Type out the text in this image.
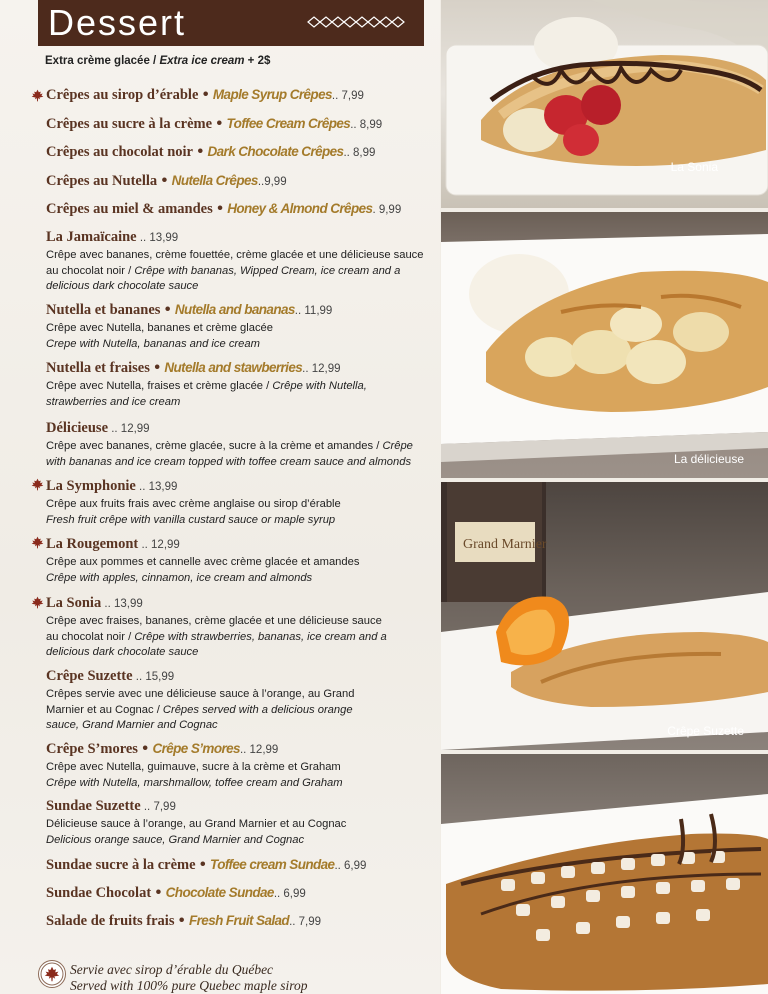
Dessert
Extra crème glacée / Extra ice cream + 2$
Crêpes au sirop d’érable • Maple Syrup Crêpes.. 7,99
Crêpes au sucre à la crème • Toffee Cream Crêpes.. 8,99
Crêpes au chocolat noir • Dark Chocolate Crêpes.. 8,99
Crêpes au Nutella • Nutella Crêpes..9,99
Crêpes au miel & amandes • Honey & Almond Crêpes. 9,99
La Jamaïcaine .. 13,99
Crêpe avec bananes, crème fouettée, crème glacée et une délicieuse sauce au chocolat noir / Crêpe with bananas, Wipped Cream, ice cream and a delicious dark chocolate sauce
Nutella et bananes • Nutella and bananas.. 11,99
Crêpe avec Nutella, bananes et crème glacée
Crepe with Nutella, bananas and ice cream
Nutella et fraises • Nutella and stawberries.. 12,99
Crêpe avec Nutella, fraises et crème glacée / Crêpe with Nutella, strawberries and ice cream
Délicieuse .. 12,99
Crêpe avec bananes, crème glacée, sucre à la crème et amandes / Crêpe with bananas and ice cream topped with toffee cream sauce and almonds
La Symphonie .. 13,99
Crêpe aux fruits frais avec crème anglaise ou sirop d’érable
Fresh fruit crêpe with vanilla custard sauce or maple syrup
La Rougemont .. 12,99
Crêpe aux pommes et cannelle avec crème glacée et amandes
Crêpe with apples, cinnamon, ice cream and almonds
La Sonia .. 13,99
Crêpe avec fraises, bananes, crème glacée et une délicieuse sauce au chocolat noir / Crêpe with strawberries, bananas, ice cream and a delicious dark chocolate sauce
Crêpe Suzette .. 15,99
Crêpes servie avec une délicieuse sauce à l’orange, au Grand Marnier et au Cognac / Crêpes served with a delicious orange sauce, Grand Marnier and Cognac
Crêpe S’mores • Crêpe S’mores.. 12,99
Crêpe avec Nutella, guimauve, sucre à la crème et Graham
Crêpe with Nutella, marshmallow, toffee cream and Graham
Sundae Suzette .. 7,99
Délicieuse sauce à l’orange, au Grand Marnier et au Cognac
Delicious orange sauce, Grand Marnier and Cognac
Sundae sucre à la crème • Toffee cream Sundae.. 6,99
Sundae Chocolat • Chocolate Sundae.. 6,99
Salade de fruits frais • Fresh Fruit Salad.. 7,99
Servie avec sirop d’érable du Québec
Served with 100% pure Quebec maple sirop
La Sonia
La délicieuse
Grand Marnier
Crêpe Suzette
